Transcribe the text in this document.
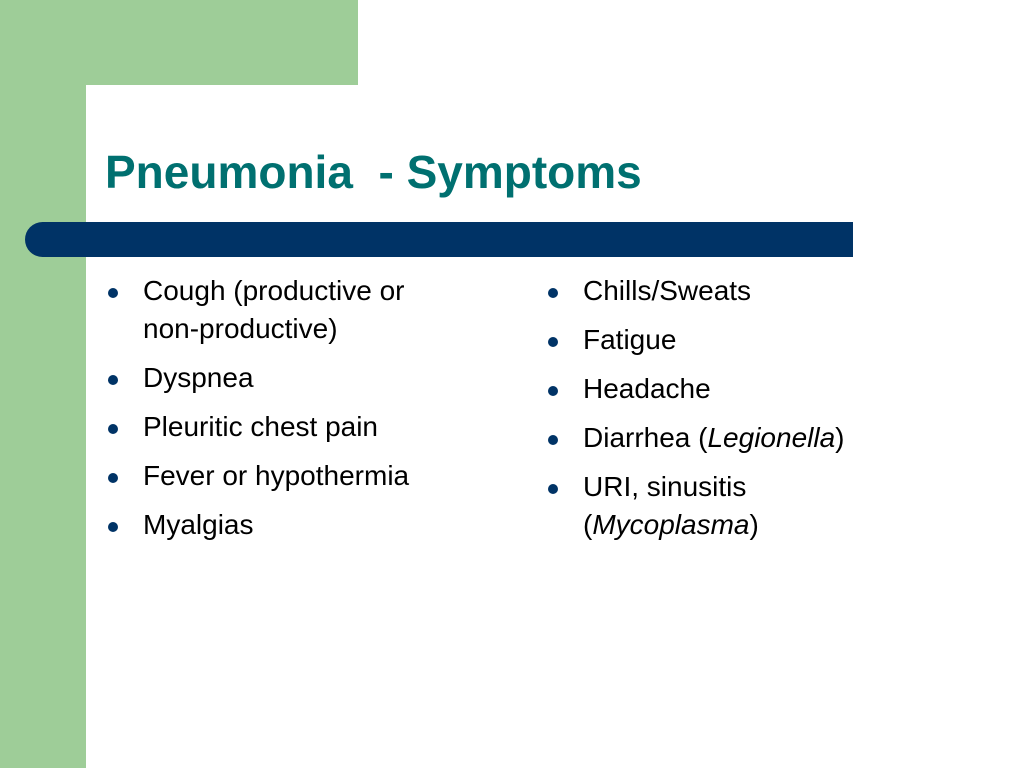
Pneumonia  - Symptoms
Cough (productive or
non-productive)
Dyspnea
Pleuritic chest pain
Fever or hypothermia
Myalgias
Chills/Sweats
Fatigue
Headache
Diarrhea (Legionella)
URI, sinusitis
(Mycoplasma)
